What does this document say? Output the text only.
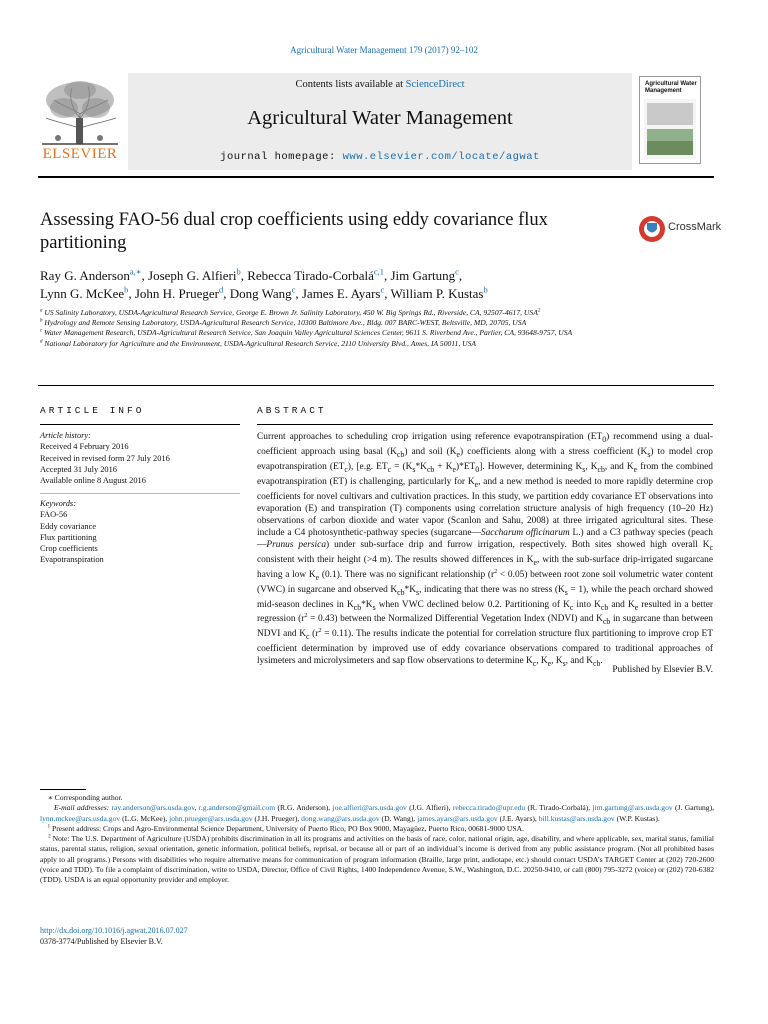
Agricultural Water Management 179 (2017) 92–102
ELSEVIER
Contents lists available at ScienceDirect
Agricultural Water Management
journal homepage: www.elsevier.com/locate/agwat
Agricultural Water Management
Assessing FAO-56 dual crop coefficients using eddy covariance flux partitioning
CrossMark
Ray G. Anderson$^{a,∗}$, Joseph G. Alfieri$^b$, Rebecca Tirado-Corbalá$^{c,1}$, Jim Gartung$^c$,
Lynn G. McKee$^b$, John H. Prueger$^d$, Dong Wang$^c$, James E. Ayars$^c$, William P. Kustas$^b$

$^a$ US Salinity Laboratory, USDA-Agricultural Research Service, George E. Brown Jr. Salinity Laboratory, 450 W. Big Springs Rd., Riverside, CA, 92507-4617, USA$^2$

$^b$ Hydrology and Remote Sensing Laboratory, USDA-Agricultural Research Service, 10300 Baltimore Ave., Bldg. 007 BARC-WEST, Beltsville, MD, 20705, USA

$^c$ Water Management Research, USDA-Agricultural Research Service, San Joaquin Valley Agricultural Sciences Center, 9611 S. Riverbend Ave., Parlier, CA, 93648-9757, USA

$^d$ National Laboratory for Agriculture and the Environment, USDA-Agricultural Research Service, 2110 University Blvd., Ames, IA 50011, USA

ARTICLE INFO	ABSTRACT

Article history:

Received 4 February 2016

Received in revised form 27 July 2016

Accepted 31 July 2016

Available online 8 August 2016

Keywords:

FAO-56

Eddy covariance

Flux partitioning

Crop coefficients

Evapotranspiration

Current approaches to scheduling crop irrigation using reference evapotranspiration $(ET_0)$ recommend using a dual-coefficient approach using basal $(K_{cb})$ and soil $(K_e)$ coefficients along with a stress coefficient $(K_s)$ to model crop evapotranspiration $(ET_c)$, [e.g. $ET_c = (K_s*K_{cb} + K_e)*ET_0$]. However, determining $K_s$, $K_{cb}$, and $K_e$ from the combined evapotranspiration (ET) is challenging, particularly for $K_e$, and a new method is needed to more rapidly determine crop coefficients for novel cultivars and cultivation practices. In this study, we partition eddy covariance ET observations into evaporation (E) and transpiration (T) components using correlation structure analysis of high frequency (10–20 Hz) observations of carbon dioxide and water vapor (Scanlon and Sahu, 2008) at three irrigated agricultural sites. These include a C4 photosynthetic-pathway species (sugarcane—Saccharum officinarum L.) and a C3 pathway species (peach—Prunus persica) under sub-surface drip and furrow irrigation, respectively. Both sites showed high overall $K_c$ consistent with their height (>4 m). The results showed differences in $K_e$, with the sub-surface drip-irrigated sugarcane having a low $K_e$ (0.1). There was no significant relationship $(r^2 < 0.05)$ between root zone soil volumetric water content (VWC) in sugarcane and observed $K_{cb}*K_s$, indicating that there was no stress $(K_s = 1)$, while the peach orchard showed mid-season declines in $K_{cb}*K_s$ when VWC declined below 0.2. Partitioning of $K_c$ into $K_{cb}$ and $K_e$ resulted in a better regression $(r^2 = 0.43)$ between the Normalized Differential Vegetation Index (NDVI) and $K_{cb}$ in sugarcane than between NDVI and $K_c$ $(r^2 = 0.11)$. The results indicate the potential for correlation structure flux partitioning to improve crop ET coefficient determination by improved use of eddy covariance observations compared to traditional approaches of lysimeters and microlysimeters and sap flow observations to determine $K_c$, $K_e$, $K_s$, and $K_{cb}$.
Published by Elsevier B.V.

∗ Corresponding author.

E-mail addresses: ray.anderson@ars.usda.gov, r.g.anderson@gmail.com (R.G. Anderson), joe.alfieri@ars.usda.gov (J.G. Alfieri), rebecca.tirado@upr.edu (R. Tirado-Corbalá), jim.gartung@ars.usda.gov (J. Gartung), lynn.mckee@ars.usda.gov (L.G. McKee), john.prueger@ars.usda.gov (J.H. Prueger), dong.wang@ars.usda.gov (D. Wang), james.ayars@ars.usda.gov (J.E. Ayars), bill.kustas@ars.usda.gov (W.P. Kustas).

$^1$ Present address: Crops and Agro-Environmental Science Department, University of Puerto Rico, PO Box 9000, Mayagüez, Puerto Rico, 00681-9000 USA.

$^2$ Note: The U.S. Department of Agriculture (USDA) prohibits discrimination in all its programs and activities on the basis of race, color, national origin, age, disability, and where applicable, sex, marital status, familial status, parental status, religion, sexual orientation, genetic information, political beliefs, reprisal, or because all or part of an individual’s income is derived from any public assistance program. (Not all prohibited bases apply to all programs.) Persons with disabilities who require alternative means for communication of program information (Braille, large print, audiotape, etc.) should contact USDA’s TARGET Center at (202) 720-2600 (voice and TDD). To file a complaint of discrimination, write to USDA, Director, Office of Civil Rights, 1400 Independence Avenue, S.W., Washington, D.C. 20250-9410, or call (800) 795-3272 (voice) or (202) 720-6382 (TDD). USDA is an equal opportunity provider and employer.

http://dx.doi.org/10.1016/j.agwat.2016.07.027
0378-3774/Published by Elsevier B.V.
